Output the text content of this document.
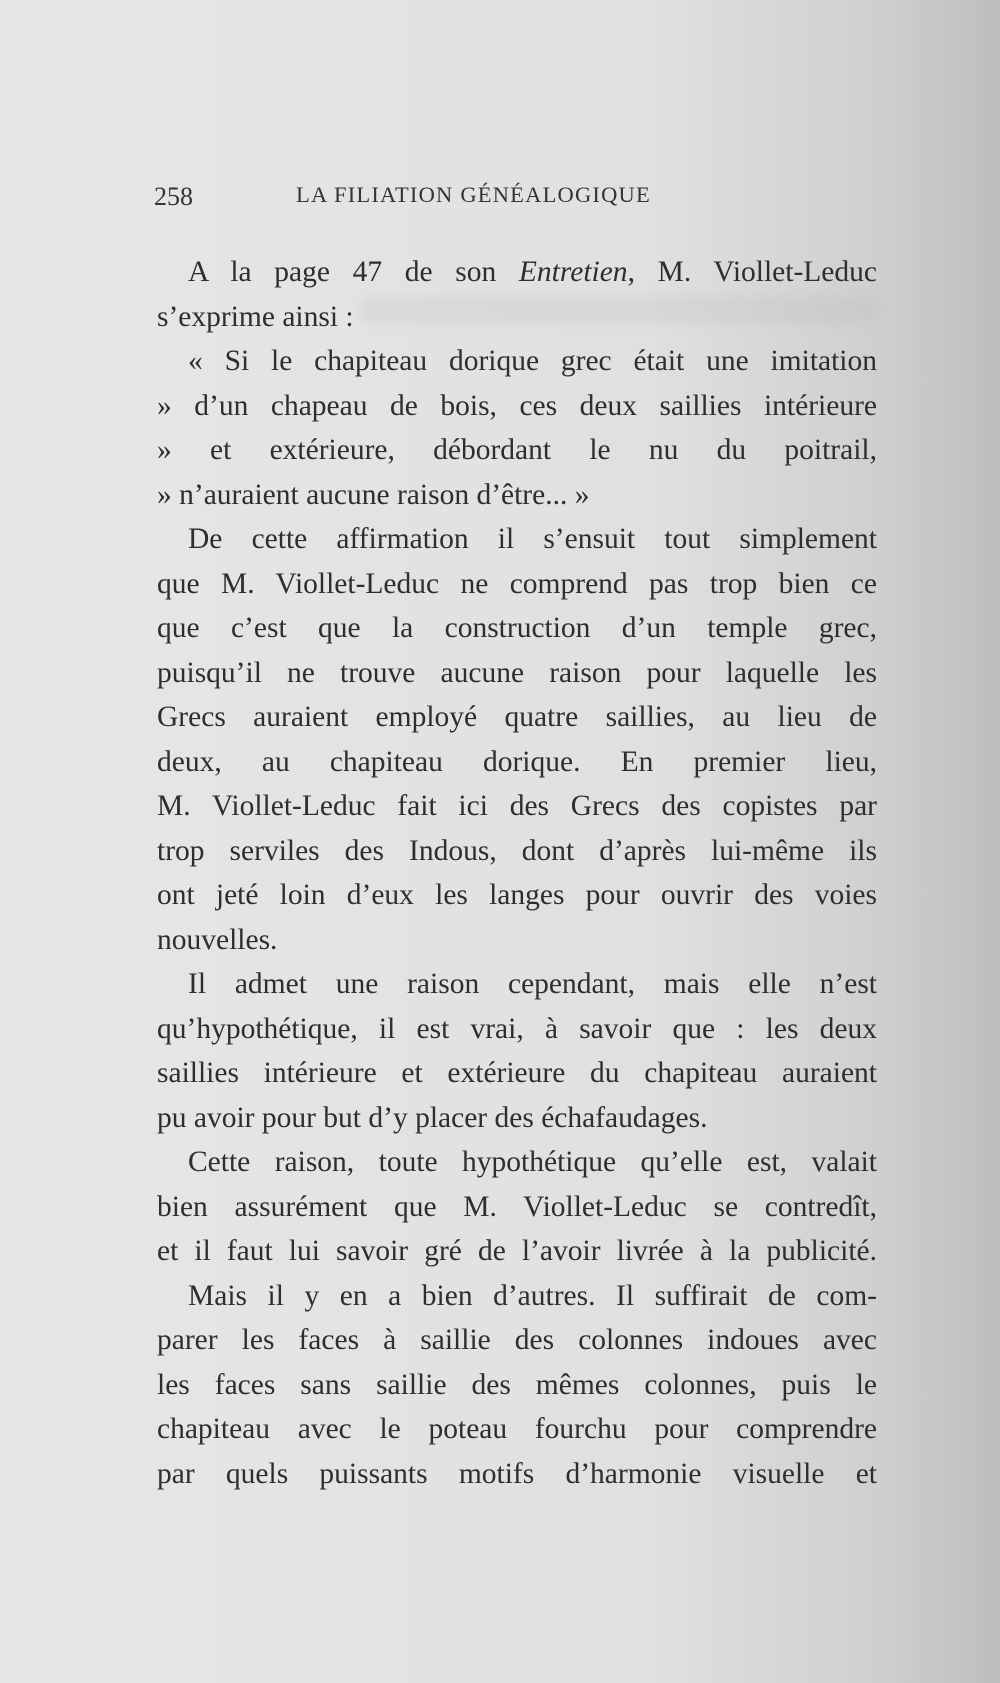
258	LA FILIATION GÉNÉALOGIQUE
A la page 47 de son Entretien, M. Viollet-Leduc
s’exprime ainsi :
« Si le chapiteau dorique grec était une imitation
» d’un chapeau de bois, ces deux saillies intérieure
» et extérieure, débordant le nu du poitrail,
» n’auraient aucune raison d’être... »
De cette affirmation il s’ensuit tout simplement
que M. Viollet-Leduc ne comprend pas trop bien ce
que c’est que la construction d’un temple grec,
puisqu’il ne trouve aucune raison pour laquelle les
Grecs auraient employé quatre saillies, au lieu de
deux, au chapiteau dorique. En premier lieu,
M. Viollet-Leduc fait ici des Grecs des copistes par
trop serviles des Indous, dont d’après lui-même ils
ont jeté loin d’eux les langes pour ouvrir des voies
nouvelles.
Il admet une raison cependant, mais elle n’est
qu’hypothétique, il est vrai, à savoir que : les deux
saillies intérieure et extérieure du chapiteau auraient
pu avoir pour but d’y placer des échafaudages.
Cette raison, toute hypothétique qu’elle est, valait
bien assurément que M. Viollet-Leduc se contredît,
et il faut lui savoir gré de l’avoir livrée à la publicité.
Mais il y en a bien d’autres. Il suffirait de com-
parer les faces à saillie des colonnes indoues avec
les faces sans saillie des mêmes colonnes, puis le
chapiteau avec le poteau fourchu pour comprendre
par quels puissants motifs d’harmonie visuelle et
